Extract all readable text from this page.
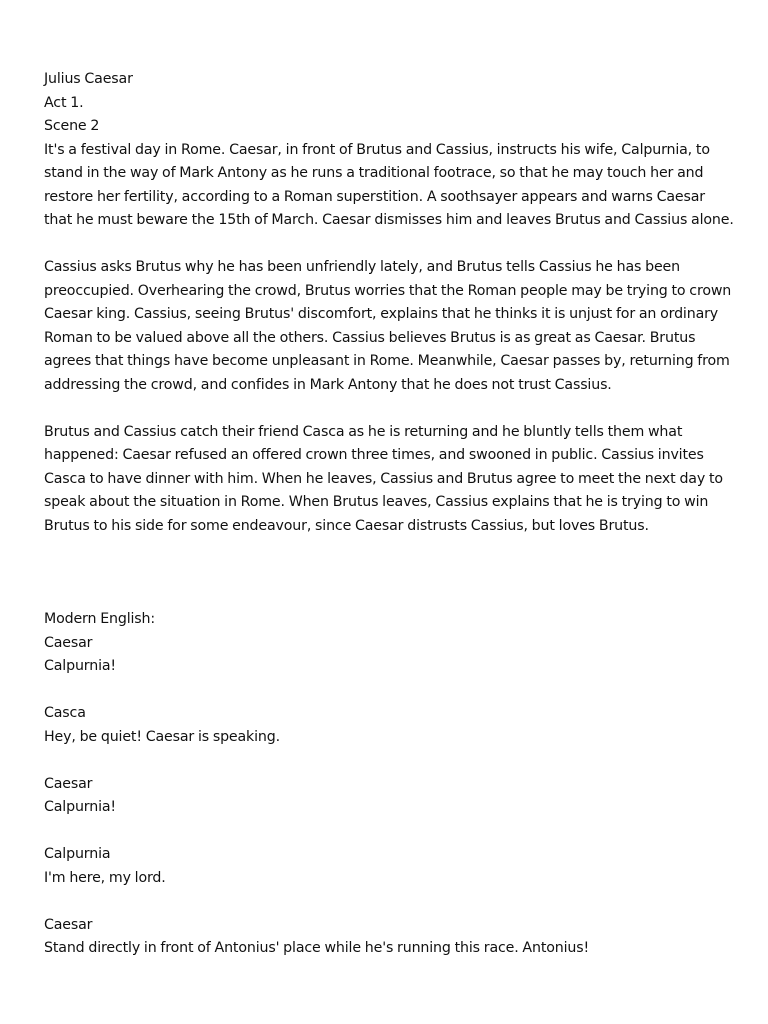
Julius Caesar
Act 1.
Scene 2

It's a festival day in Rome. Caesar, in front of Brutus and Cassius, instructs his wife, Calpurnia, to stand in the way of Mark Antony as he runs a traditional footrace, so that he may touch her and restore her fertility, according to a Roman superstition. A soothsayer appears and warns Caesar that he must beware the 15th of March. Caesar dismisses him and leaves Brutus and Cassius alone.

Cassius asks Brutus why he has been unfriendly lately, and Brutus tells Cassius he has been preoccupied. Overhearing the crowd, Brutus worries that the Roman people may be trying to crown Caesar king. Cassius, seeing Brutus' discomfort, explains that he thinks it is unjust for an ordinary Roman to be valued above all the others. Cassius believes Brutus is as great as Caesar. Brutus agrees that things have become unpleasant in Rome. Meanwhile, Caesar passes by, returning from addressing the crowd, and confides in Mark Antony that he does not trust Cassius.

Brutus and Cassius catch their friend Casca as he is returning and he bluntly tells them what happened: Caesar refused an offered crown three times, and swooned in public. Cassius invites Casca to have dinner with him. When he leaves, Cassius and Brutus agree to meet the next day to speak about the situation in Rome. When Brutus leaves, Cassius explains that he is trying to win Brutus to his side for some endeavour, since Caesar distrusts Cassius, but loves Brutus.

Modern English:
Caesar
Calpurnia!
Casca
Hey, be quiet! Caesar is speaking.
Caesar
Calpurnia!
Calpurnia
I'm here, my lord.
Caesar
Stand directly in front of Antonius' place while he's running this race. Antonius!
